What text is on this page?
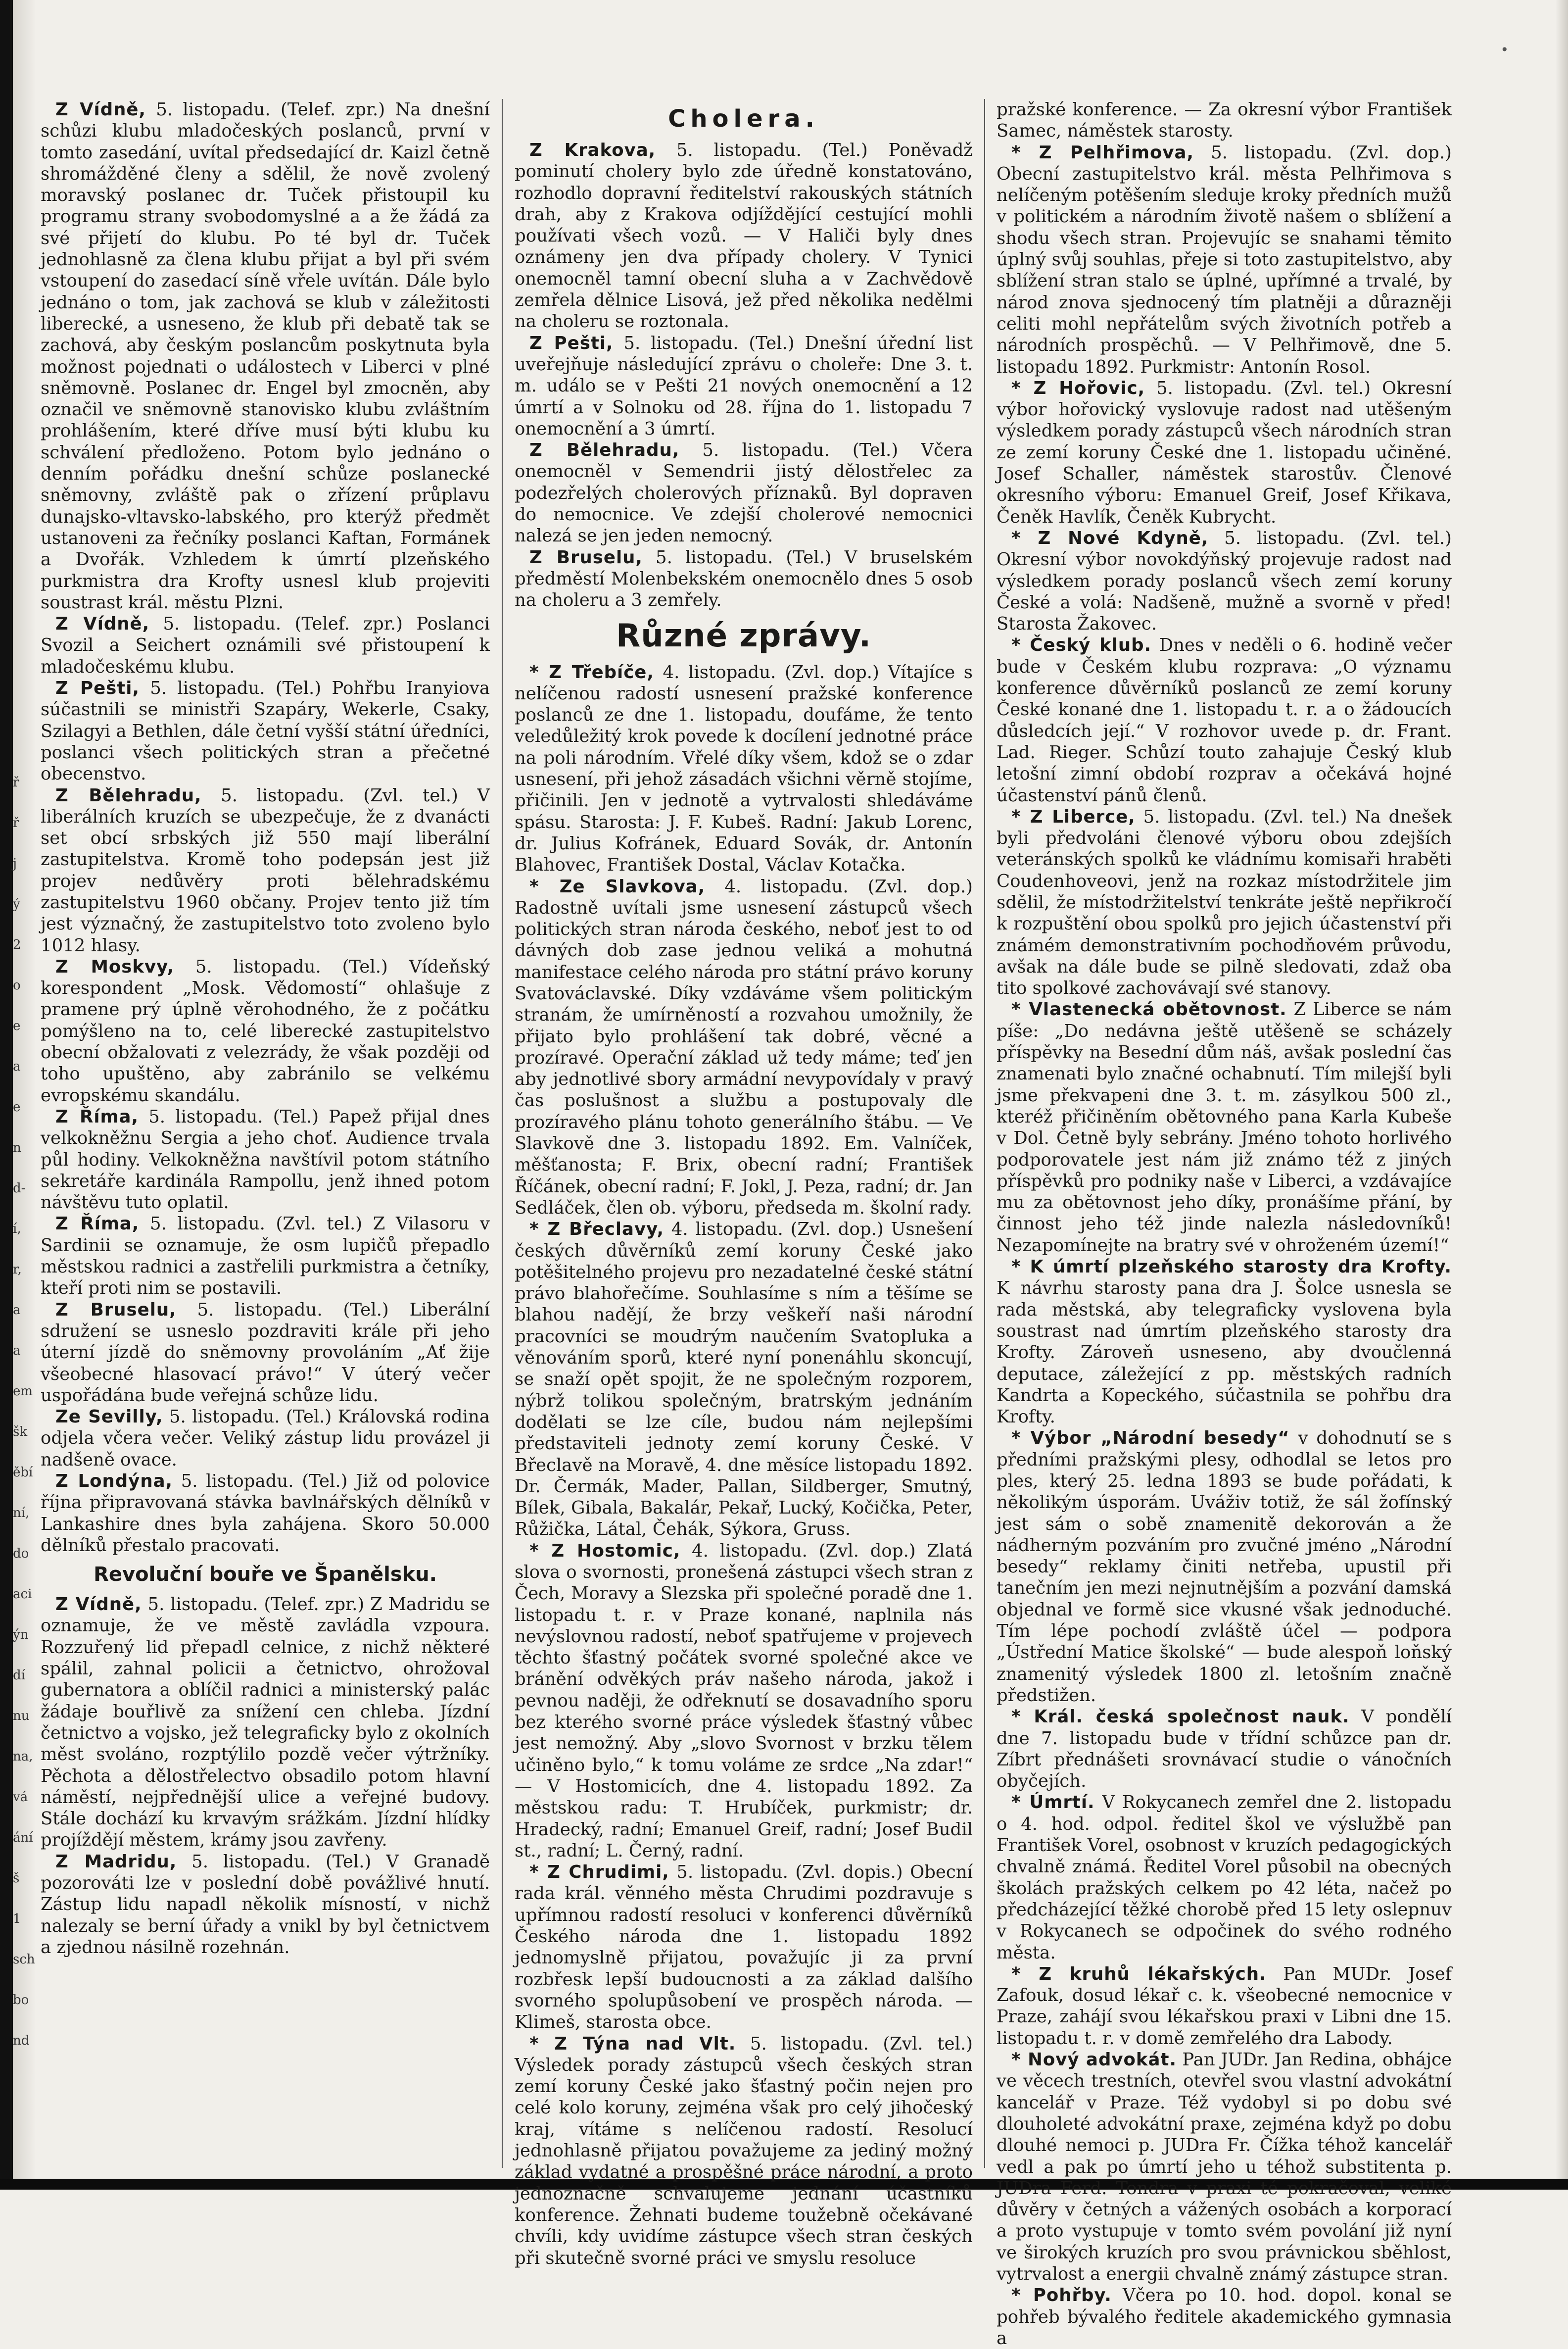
ř
ř
j
ý
2
o
e
a
e
n
d-
í,
r,
a
a
em
šk
ěbí
ní,
do
aci
ýn
dí
nu
na,
vá
ání
š
1
sch
bo
nd
•

Z Vídně, 5. listopadu. (Telef. zpr.) Na dnešní schůzi klubu mladočeských poslanců, první v tomto zasedání, uvítal předsedající dr. Kaizl četně shromážděné členy a sdělil, že nově zvolený moravský poslanec dr. Tuček přistoupil ku programu strany svobodomyslné a a že žádá za své přijetí do klubu. Po té byl dr. Tuček jednohlasně za člena klubu přijat a byl při svém vstoupení do zasedací síně vřele uvítán. Dále bylo jednáno o tom, jak zachová se klub v záležitosti liberecké, a usneseno, že klub při debatě tak se zachová, aby českým poslancům poskytnuta byla možnost pojednati o událostech v Liberci v plné sněmovně. Poslanec dr. Engel byl zmocněn, aby označil ve sněmovně stanovisko klubu zvláštním prohlášením, které dříve musí býti klubu ku schválení předloženo. Potom bylo jednáno o denním pořádku dnešní schůze poslanecké sněmovny, zvláště pak o zřízení průplavu dunajsko-vltavsko-labského, pro kterýž předmět ustanoveni za řečníky poslanci Kaftan, Formánek a Dvořák. Vzhledem k úmrtí plzeňského purkmistra dra Krofty usnesl klub projeviti soustrast král. městu Plzni.

Z Vídně, 5. listopadu. (Telef. zpr.) Poslanci Svozil a Seichert oznámili své přistoupení k mladočeskému klubu.

Z Pešti, 5. listopadu. (Tel.) Pohřbu Iranyiova súčastnili se ministři Szapáry, Wekerle, Csaky, Szilagyi a Bethlen, dále četní vyšší státní úředníci, poslanci všech politických stran a přečetné obecenstvo.

Z Bělehradu, 5. listopadu. (Zvl. tel.) V liberálních kruzích se ubezpečuje, že z dvanácti set obcí srbských již 550 mají liberální zastupitelstva. Kromě toho podepsán jest již projev nedůvěry proti bělehradskému zastupitelstvu 1960 občany. Projev tento již tím jest význačný, že zastupitelstvo toto zvoleno bylo 1012 hlasy.

Z Moskvy, 5. listopadu. (Tel.) Vídeňský korespondent „Mosk. Vědomostí“ ohlašuje z pramene prý úplně věrohodného, že z počátku pomýšleno na to, celé liberecké zastupitelstvo obecní obžalovati z velezrády, že však později od toho upuštěno, aby zabránilo se velkému evropskému skandálu.

Z Říma, 5. listopadu. (Tel.) Papež přijal dnes velkokněžnu Sergia a jeho choť. Audience trvala půl hodiny. Velkokněžna navštívil potom státního sekretáře kardinála Rampollu, jenž ihned potom návštěvu tuto oplatil.

Z Říma, 5. listopadu. (Zvl. tel.) Z Vilasoru v Sardinii se oznamuje, že osm lupičů přepadlo městskou radnici a zastřelili purkmistra a četníky, kteří proti nim se postavili.

Z Bruselu, 5. listopadu. (Tel.) Liberální sdružení se usneslo pozdraviti krále při jeho úterní jízdě do sněmovny provoláním „Ať žije všeobecné hlasovací právo!“ V úterý večer uspořádána bude veřejná schůze lidu.

Ze Sevilly, 5. listopadu. (Tel.) Královská rodina odjela včera večer. Veliký zástup lidu provázel ji nadšeně ovace.

Z Londýna, 5. listopadu. (Tel.) Již od polovice října připravovaná stávka bavlnářských dělníků v Lankashire dnes byla zahájena. Skoro 50.000 dělníků přestalo pracovati.

Revoluční bouře ve Španělsku.

Z Vídně, 5. listopadu. (Telef. zpr.) Z Madridu se oznamuje, že ve městě zavládla vzpoura. Rozzuřený lid přepadl celnice, z nichž některé spálil, zahnal policii a četnictvo, ohrožoval gubernatora a oblíčil radnici a ministerský palác žádaje bouřlivě za snížení cen chleba. Jízdní četnictvo a vojsko, jež telegraficky bylo z okolních měst svoláno, rozptýlilo pozdě večer výtržníky. Pěchota a dělostřelectvo obsadilo potom hlavní náměstí, nejpřednější ulice a veřejné budovy. Stále dochází ku krvavým srážkám. Jízdní hlídky projíždějí městem, krámy jsou zavřeny.

Z Madridu, 5. listopadu. (Tel.) V Granadě pozorováti lze v poslední době povážlivé hnutí. Zástup lidu napadl několik mísností, v nichž nalezaly se berní úřady a vnikl by byl četnictvem a zjednou násilně rozehnán.

Cholera.

Z Krakova, 5. listopadu. (Tel.) Poněvadž pominutí cholery bylo zde úředně konstatováno, rozhodlo dopravní ředitelství rakouských státních drah, aby z Krakova odjíždějící cestující mohli používati všech vozů. — V Haliči byly dnes oznámeny jen dva případy cholery. V Tynici onemocněl tamní obecní sluha a v Zachvědově zemřela dělnice Lisová, jež před několika nedělmi na choleru se roztonala.

Z Pešti, 5. listopadu. (Tel.) Dnešní úřední list uveřejňuje následující zprávu o choleře: Dne 3. t. m. událo se v Pešti 21 nových onemocnění a 12 úmrtí a v Solnoku od 28. října do 1. listopadu 7 onemocnění a 3 úmrtí.

Z Bělehradu, 5. listopadu. (Tel.) Včera onemocněl v Semendrii jistý dělostřelec za podezřelých cholerových příznaků. Byl dopraven do nemocnice. Ve zdejší cholerové nemocnici nalezá se jen jeden nemocný.

Z Bruselu, 5. listopadu. (Tel.) V bruselském předměstí Molenbekském onemocnělo dnes 5 osob na choleru a 3 zemřely.

Různé zprávy.

* Z Třebíče, 4. listopadu. (Zvl. dop.) Vítajíce s nelíčenou radostí usnesení pražské konference poslanců ze dne 1. listopadu, doufáme, že tento veledůležitý krok povede k docílení jednotné práce na poli národním. Vřelé díky všem, kdož se o zdar usnesení, při jehož zásadách všichni věrně stojíme, přičinili. Jen v jednotě a vytrvalosti shledáváme spásu. Starosta: J. F. Kubeš. Radní: Jakub Lorenc, dr. Julius Kofránek, Eduard Sovák, dr. Antonín Blahovec, František Dostal, Václav Kotačka.

* Ze Slavkova, 4. listopadu. (Zvl. dop.) Radostně uvítali jsme usnesení zástupců všech politických stran národa českého, neboť jest to od dávných dob zase jednou veliká a mohutná manifestace celého národa pro státní právo koruny Svatováclavské. Díky vzdáváme všem politickým stranám, že umírněností a rozvahou umožnily, že přijato bylo prohlášení tak dobré, věcné a prozíravé. Operační základ už tedy máme; teď jen aby jednotlivé sbory armádní nevypovídaly v pravý čas poslušnost a službu a postupovaly dle prozíravého plánu tohoto generálního štábu. — Ve Slavkově dne 3. listopadu 1892. Em. Valníček, měšťanosta; F. Brix, obecní radní; František Říčánek, obecní radní; F. Jokl, J. Peza, radní; dr. Jan Sedláček, člen ob. výboru, předseda m. školní rady.

* Z Břeclavy, 4. listopadu. (Zvl. dop.) Usnešení českých důvěrníků zemí koruny České jako potěšitelného projevu pro nezadatelné české státní právo blahořečíme. Souhlasíme s ním a těšíme se blahou nadějí, že brzy veškeří naši národní pracovníci se moudrým naučením Svatopluka a věnováním sporů, které nyní ponenáhlu skoncují, se snaží opět spojit, že ne společným rozporem, nýbrž tolikou společným, bratrským jednáním dodělati se lze cíle, budou nám nejlepšími představiteli jednoty zemí koruny České. V Břeclavě na Moravě, 4. dne měsíce listopadu 1892. Dr. Čermák, Mader, Pallan, Sildberger, Smutný, Bílek, Gibala, Bakalár, Pekař, Lucký, Kočička, Peter, Růžička, Látal, Čehák, Sýkora, Gruss.

* Z Hostomic, 4. listopadu. (Zvl. dop.) Zlatá slova o svornosti, pronešená zástupci všech stran z Čech, Moravy a Slezska při společné poradě dne 1. listopadu t. r. v Praze konané, naplnila nás nevýslovnou radostí, neboť spatřujeme v projevech těchto šťastný počátek svorné společné akce ve bránění odvěkých práv našeho národa, jakož i pevnou naději, že odřeknutí se dosavadního sporu bez kterého svorné práce výsledek šťastný vůbec jest nemožný. Aby „slovo Svornost v brzku tělem učiněno bylo,“ k tomu voláme ze srdce „Na zdar!“ — V Hostomicích, dne 4. listopadu 1892. Za městskou radu: T. Hrubíček, purkmistr; dr. Hradecký, radní; Emanuel Greif, radní; Josef Budil st., radní; L. Černý, radní.

* Z Chrudimi, 5. listopadu. (Zvl. dopis.) Obecní rada král. věnného města Chrudimi pozdravuje s upřímnou radostí resoluci v konferenci důvěrníků Českého národa dne 1. listopadu 1892 jednomyslně přijatou, považujíc ji za první rozbřesk lepší budoucnosti a za základ dalšího svorného spolupůsobení ve prospěch národa. — Klimeš, starosta obce.

* Z Týna nad Vlt. 5. listopadu. (Zvl. tel.) Výsledek porady zástupců všech českých stran zemí koruny České jako šťastný počin nejen pro celé kolo koruny, zejména však pro celý jihočeský kraj, vítáme s nelíčenou radostí. Resolucí jednohlasně přijatou považujeme za jediný možný základ vydatné a prospěšné práce národní, a proto jednoznačně schvalujeme jednání účastníků konference. Žehnati budeme toužebně očekávané chvíli, kdy uvidíme zástupce všech stran českých při skutečně svorné práci ve smyslu resoluce

pražské konference. — Za okresní výbor František Samec, náměstek starosty.

* Z Pelhřimova, 5. listopadu. (Zvl. dop.) Obecní zastupitelstvo král. města Pelhřimova s nelíčeným potěšením sleduje kroky předních mužů v politickém a národním životě našem o sblížení a shodu všech stran. Projevujíc se snahami těmito úplný svůj souhlas, přeje si toto zastupitelstvo, aby sblížení stran stalo se úplné, upřímné a trvalé, by národ znova sjednocený tím platněji a důrazněji celiti mohl nepřátelům svých životních potřeb a národních prospěchů. — V Pelhřimově, dne 5. listopadu 1892. Purkmistr: Antonín Rosol.

* Z Hořovic, 5. listopadu. (Zvl. tel.) Okresní výbor hořovický vyslovuje radost nad utěšeným výsledkem porady zástupců všech národních stran ze zemí koruny České dne 1. listopadu učiněné. Josef Schaller, náměstek starostův. Členové okresního výboru: Emanuel Greif, Josef Křikava, Čeněk Havlík, Čeněk Kubrycht.

* Z Nové Kdyně, 5. listopadu. (Zvl. tel.) Okresní výbor novokdýňský projevuje radost nad výsledkem porady poslanců všech zemí koruny České a volá: Nadšeně, mužně a svorně v před! Starosta Žakovec.

* Český klub. Dnes v neděli o 6. hodině večer bude v Českém klubu rozprava: „O významu konference důvěrníků poslanců ze zemí koruny České konané dne 1. listopadu t. r. a o žádoucích důsledcích její.“ V rozhovor uvede p. dr. Frant. Lad. Rieger. Schůzí touto zahajuje Český klub letošní zimní období rozprav a očekává hojné účastenství pánů členů.

* Z Liberce, 5. listopadu. (Zvl. tel.) Na dnešek byli předvoláni členové výboru obou zdejších veteránských spolků ke vládnímu komisaři hraběti Coudenhoveovi, jenž na rozkaz místodržitele jim sdělil, že místodržitelství tenkráte ještě nepřikročí k rozpuštění obou spolků pro jejich účastenství při známém demonstrativním pochodňovém průvodu, avšak na dále bude se pilně sledovati, zdaž oba tito spolkové zachovávají své stanovy.

* Vlastenecká obětovnost. Z Liberce se nám píše: „Do nedávna ještě utěšeně se scházely příspěvky na Besední dům náš, avšak poslední čas znamenati bylo značné ochabnutí. Tím milejší byli jsme překvapeni dne 3. t. m. zásylkou 500 zl., kteréž přičiněním obětovného pana Karla Kubeše v Dol. Četně byly sebrány. Jméno tohoto horlivého podporovatele jest nám již známo též z jiných příspěvků pro podniky naše v Liberci, a vzdávajíce mu za obětovnost jeho díky, pronášíme přání, by činnost jeho též jinde nalezla následovníků! Nezapomínejte na bratry své v ohroženém území!“

* K úmrtí plzeňského starosty dra Krofty. K návrhu starosty pana dra J. Šolce usnesla se rada městská, aby telegraficky vyslovena byla soustrast nad úmrtím plzeňského starosty dra Krofty. Zároveň usneseno, aby dvoučlenná deputace, záležející z pp. městských radních Kandrta a Kopeckého, súčastnila se pohřbu dra Krofty.

* Výbor „Národní besedy“ v dohodnutí se s předními pražskými plesy, odhodlal se letos pro ples, který 25. ledna 1893 se bude pořádati, k několikým úsporám. Uváživ totiž, že sál žofínský jest sám o sobě znamenitě dekorován a že nádherným pozváním pro zvučné jméno „Národní besedy“ reklamy činiti netřeba, upustil při tanečním jen mezi nejnutnějším a pozvání damská objednal ve formě sice vkusné však jednoduché. Tím lépe pochodí zvláště účel — podpora „Ústřední Matice školské“ — bude alespoň loňský znamenitý výsledek 1800 zl. letošním značně předstižen.

* Král. česká společnost nauk. V pondělí dne 7. listopadu bude v třídní schůzce pan dr. Zíbrt přednášeti srovnávací studie o vánočních obyčejích.

* Úmrtí. V Rokycanech zemřel dne 2. listopadu o 4. hod. odpol. ředitel škol ve výslužbě pan František Vorel, osobnost v kruzích pedagogických chvalně známá. Ředitel Vorel působil na obecných školách pražských celkem po 42 léta, načež po předcházející těžké chorobě před 15 lety oslepnuv v Rokycanech se odpočinek do svého rodného města.

* Z kruhů lékařských. Pan MUDr. Josef Zafouk, dosud lékař c. k. všeobecné nemocnice v Praze, zahájí svou lékařskou praxi v Libni dne 15. listopadu t. r. v domě zemřelého dra Labody.

* Nový advokát. Pan JUDr. Jan Redina, obhájce ve věcech trestních, otevřel svou vlastní advokátní kancelář v Praze. Též vydobyl si po dobu své dlouholeté advokátní praxe, zejména když po dobu dlouhé nemoci p. JUDra Fr. Čížka téhož kancelář vedl a pak po úmrtí jeho u téhož substitenta p. JUDra Ferd. Tondra v praxi té pokračoval, veliké důvěry v četných a vážených osobách a korporací a proto vystupuje v tomto svém povolání již nyní ve širokých kruzích pro svou právnickou sběhlost, vytrvalost a energii chvalně známý zástupce stran.

* Pohřby. Včera po 10. hod. dopol. konal se pohřeb bývalého ředitele akademického gymnasia a
